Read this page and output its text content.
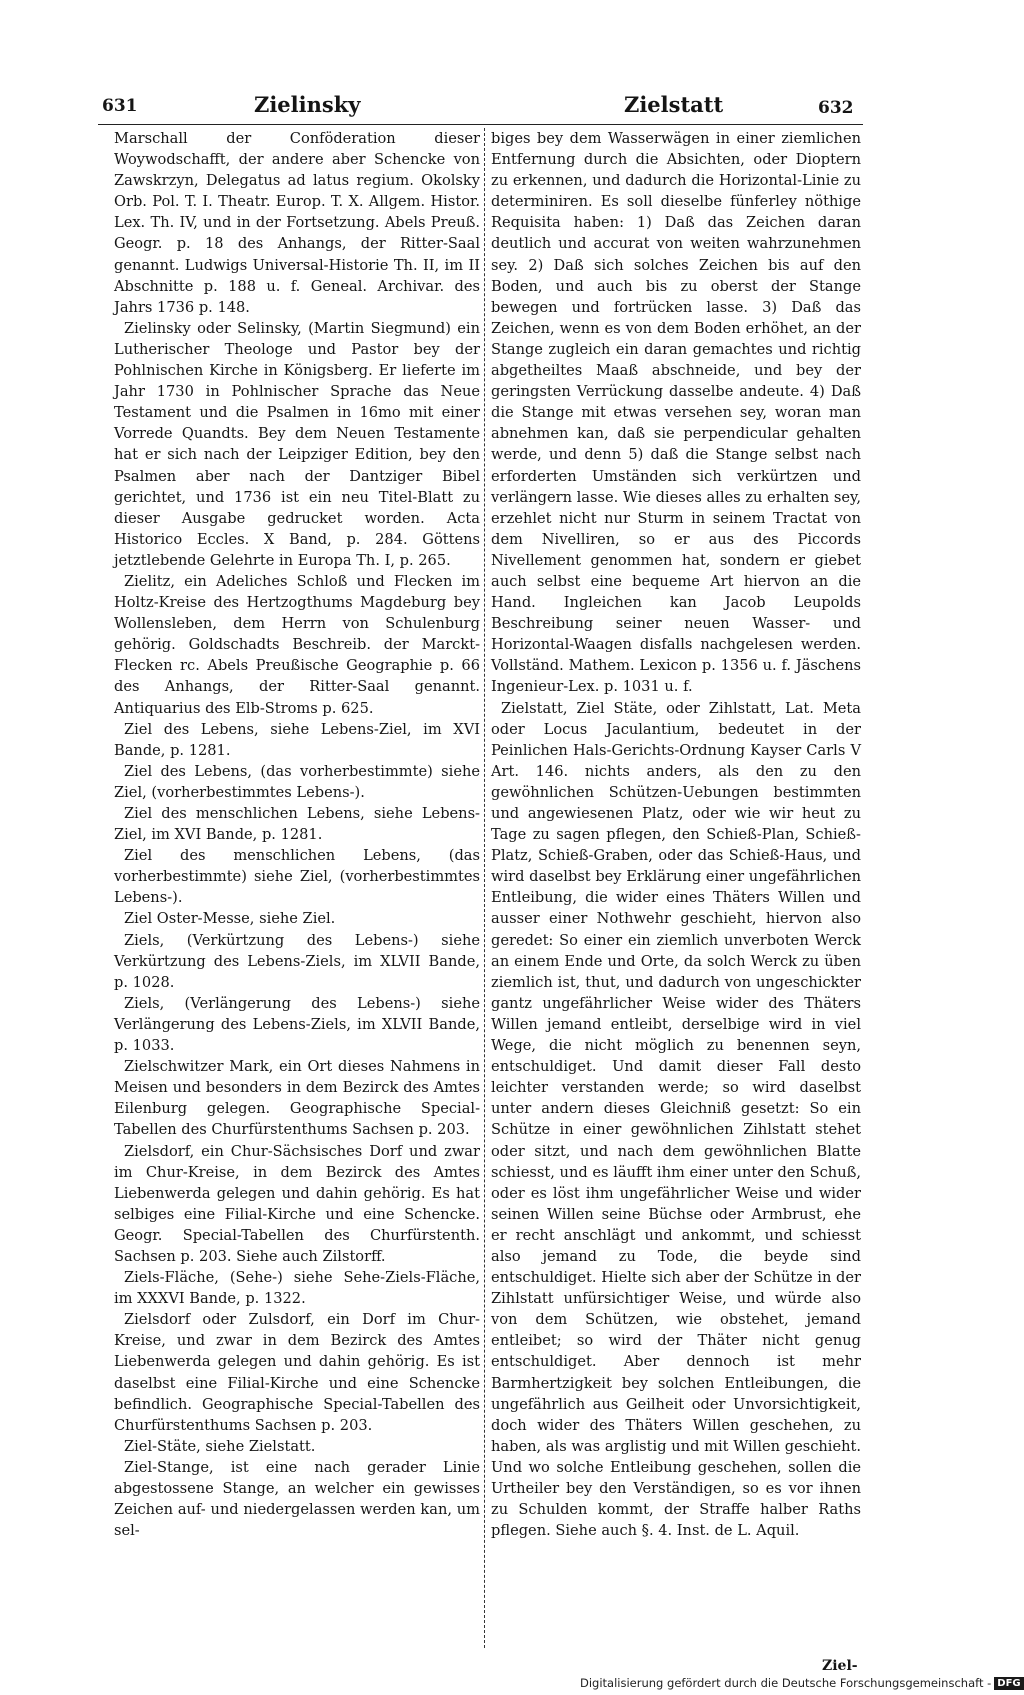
631	Zielinsky	Zielstatt	632

Marschall der Conföderation dieser Woywodschafft, der andere aber Schencke von Zawskrzyn, Delegatus ad latus regium. Okolsky Orb. Pol. T. I. Theatr. Europ. T. X. Allgem. Histor. Lex. Th. IV, und in der Fortsetzung. Abels Preuß. Geogr. p. 18 des Anhangs, der Ritter-Saal genannt. Ludwigs Universal-Historie Th. II, im II Abschnitte p. 188 u. f. Geneal. Archivar. des Jahrs 1736 p. 148.

Zielinsky oder Selinsky, (Martin Siegmund) ein Lutherischer Theologe und Pastor bey der Pohlnischen Kirche in Königsberg. Er lieferte im Jahr 1730 in Pohlnischer Sprache das Neue Testament und die Psalmen in 16mo mit einer Vorrede Quandts. Bey dem Neuen Testamente hat er sich nach der Leipziger Edition, bey den Psalmen aber nach der Dantziger Bibel gerichtet, und 1736 ist ein neu Titel-Blatt zu dieser Ausgabe gedrucket worden. Acta Historico Eccles. X Band, p. 284. Göttens jetztlebende Gelehrte in Europa Th. I, p. 265.

Zielitz, ein Adeliches Schloß und Flecken im Holtz-Kreise des Hertzogthums Magdeburg bey Wollensleben, dem Herrn von Schulenburg gehörig. Goldschadts Beschreib. der Marckt-Flecken rc. Abels Preußische Geographie p. 66 des Anhangs, der Ritter-Saal genannt. Antiquarius des Elb-Stroms p. 625.

Ziel des Lebens, siehe Lebens-Ziel, im XVI Bande, p. 1281.

Ziel des Lebens, (das vorherbestimmte) siehe Ziel, (vorherbestimmtes Lebens-).

Ziel des menschlichen Lebens, siehe Lebens-Ziel, im XVI Bande, p. 1281.

Ziel des menschlichen Lebens, (das vorherbestimmte) siehe Ziel, (vorherbestimmtes Lebens-).

Ziel Oster-Messe, siehe Ziel.

Ziels, (Verkürtzung des Lebens-) siehe Verkürtzung des Lebens-Ziels, im XLVII Bande, p. 1028.

Ziels, (Verlängerung des Lebens-) siehe Verlängerung des Lebens-Ziels, im XLVII Bande, p. 1033.

Zielschwitzer Mark, ein Ort dieses Nahmens in Meisen und besonders in dem Bezirck des Amtes Eilenburg gelegen. Geographische Special-Tabellen des Churfürstenthums Sachsen p. 203.

Zielsdorf, ein Chur-Sächsisches Dorf und zwar im Chur-Kreise, in dem Bezirck des Amtes Liebenwerda gelegen und dahin gehörig. Es hat selbiges eine Filial-Kirche und eine Schencke. Geogr. Special-Tabellen des Churfürstenth. Sachsen p. 203. Siehe auch Zilstorff.

Ziels-Fläche, (Sehe-) siehe Sehe-Ziels-Fläche, im XXXVI Bande, p. 1322.

Zielsdorf oder Zulsdorf, ein Dorf im Chur-Kreise, und zwar in dem Bezirck des Amtes Liebenwerda gelegen und dahin gehörig. Es ist daselbst eine Filial-Kirche und eine Schencke befindlich. Geographische Special-Tabellen des Churfürstenthums Sachsen p. 203.

Ziel-Stäte, siehe Zielstatt.

Ziel-Stange, ist eine nach gerader Linie abgestossene Stange, an welcher ein gewisses Zeichen auf- und niedergelassen werden kan, um sel-

biges bey dem Wasserwägen in einer ziemlichen Entfernung durch die Absichten, oder Dioptern zu erkennen, und dadurch die Horizontal-Linie zu determiniren. Es soll dieselbe fünferley nöthige Requisita haben: 1) Daß das Zeichen daran deutlich und accurat von weiten wahrzunehmen sey. 2) Daß sich solches Zeichen bis auf den Boden, und auch bis zu oberst der Stange bewegen und fortrücken lasse. 3) Daß das Zeichen, wenn es von dem Boden erhöhet, an der Stange zugleich ein daran gemachtes und richtig abgetheiltes Maaß abschneide, und bey der geringsten Verrückung dasselbe andeute. 4) Daß die Stange mit etwas versehen sey, woran man abnehmen kan, daß sie perpendicular gehalten werde, und denn 5) daß die Stange selbst nach erforderten Umständen sich verkürtzen und verlängern lasse. Wie dieses alles zu erhalten sey, erzehlet nicht nur Sturm in seinem Tractat von dem Nivelliren, so er aus des Piccords Nivellement genommen hat, sondern er giebet auch selbst eine bequeme Art hiervon an die Hand. Ingleichen kan Jacob Leupolds Beschreibung seiner neuen Wasser- und Horizontal-Waagen disfalls nachgelesen werden. Vollständ. Mathem. Lexicon p. 1356 u. f. Jäschens Ingenieur-Lex. p. 1031 u. f.

Zielstatt, Ziel Stäte, oder Zihlstatt, Lat. Meta oder Locus Jaculantium, bedeutet in der Peinlichen Hals-Gerichts-Ordnung Kayser Carls V Art. 146. nichts anders, als den zu den gewöhnlichen Schützen-Uebungen bestimmten und angewiesenen Platz, oder wie wir heut zu Tage zu sagen pflegen, den Schieß-Plan, Schieß-Platz, Schieß-Graben, oder das Schieß-Haus, und wird daselbst bey Erklärung einer ungefährlichen Entleibung, die wider eines Thäters Willen und ausser einer Nothwehr geschieht, hiervon also geredet: So einer ein ziemlich unverboten Werck an einem Ende und Orte, da solch Werck zu üben ziemlich ist, thut, und dadurch von ungeschickter gantz ungefährlicher Weise wider des Thäters Willen jemand entleibt, derselbige wird in viel Wege, die nicht möglich zu benennen seyn, entschuldiget. Und damit dieser Fall desto leichter verstanden werde; so wird daselbst unter andern dieses Gleichniß gesetzt: So ein Schütze in einer gewöhnlichen Zihlstatt stehet oder sitzt, und nach dem gewöhnlichen Blatte schiesst, und es läufft ihm einer unter den Schuß, oder es löst ihm ungefährlicher Weise und wider seinen Willen seine Büchse oder Armbrust, ehe er recht anschlägt und ankommt, und schiesst also jemand zu Tode, die beyde sind entschuldiget. Hielte sich aber der Schütze in der Zihlstatt unfürsichtiger Weise, und würde also von dem Schützen, wie obstehet, jemand entleibet; so wird der Thäter nicht genug entschuldiget. Aber dennoch ist mehr Barmhertzigkeit bey solchen Entleibungen, die ungefährlich aus Geilheit oder Unvorsichtigkeit, doch wider des Thäters Willen geschehen, zu haben, als was arglistig und mit Willen geschieht. Und wo solche Entleibung geschehen, sollen die Urtheiler bey den Verständigen, so es vor ihnen zu Schulden kommt, der Straffe halber Raths pflegen. Siehe auch §. 4. Inst. de L. Aquil.

Ziel-
Digitalisierung gefördert durch die Deutsche Forschungsgemeinschaft - DFG
